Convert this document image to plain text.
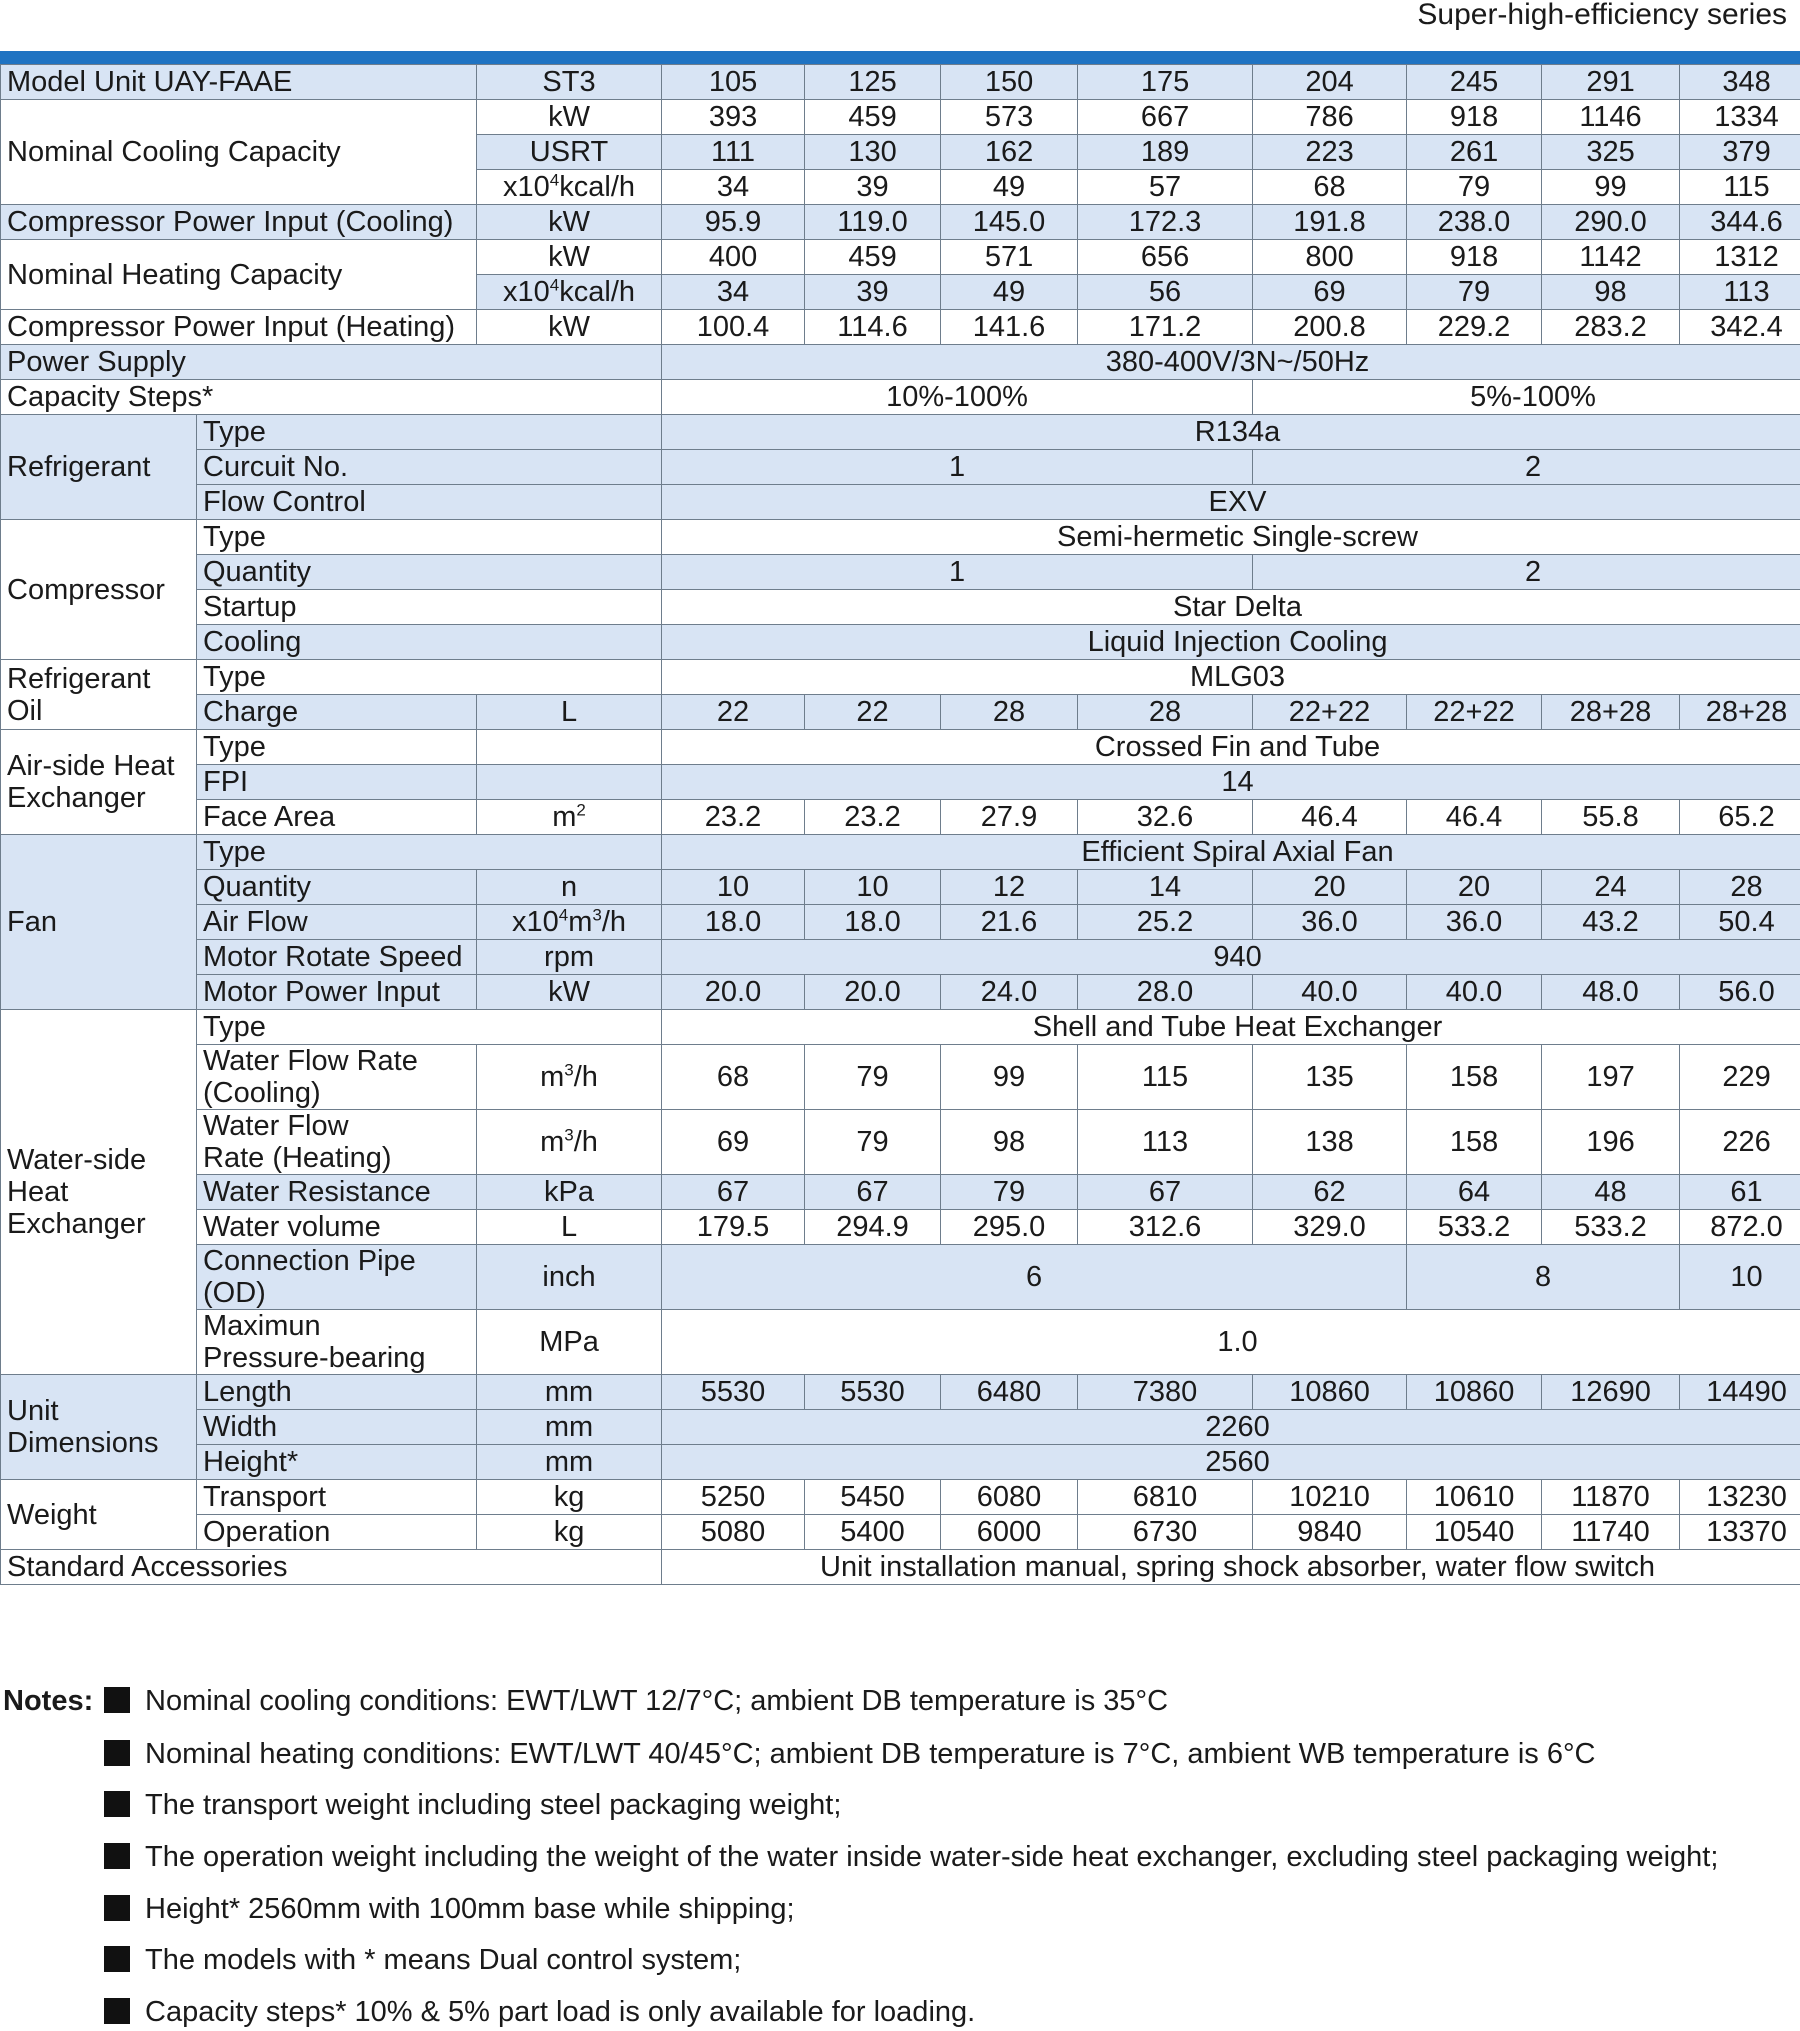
Super-high-efficiency series
Model Unit UAY-FAAE		ST3	105	125	150	175	204	245	291	348
Nominal Cooling Capacity		kW	393	459	573	667	786	918	1146	1334
		USRT	111	130	162	189	223	261	325	379
		$x10^4kcal/h$	34	39	49	57	68	79	99	115
Compressor Power Input (Cooling)		kW	95.9	119.0	145.0	172.3	191.8	238.0	290.0	344.6
Nominal Heating Capacity		kW	400	459	571	656	800	918	1142	1312
		$x10^4kcal/h$	34	39	49	56	69	79	98	113
Compressor Power Input (Heating)		kW	100.4	114.6	141.6	171.2	200.8	229.2	283.2	342.4
Power Supply			380-400V/3N~/50Hz							
Capacity Steps*			10%-100%				5%-100%			
Refrigerant	Type		R134a							
	Curcuit No.		1				2			
	Flow Control		EXV							
Compressor	Type		Semi-hermetic Single-screw							
	Quantity		1				2			
	Startup		Star Delta							
	Cooling		Liquid Injection Cooling							
Refrigerant
Oil	Type		MLG03							
	Charge	L	22	22	28	28	22+22	22+22	28+28	28+28
Air-side Heat
Exchanger	Type		Crossed Fin and Tube							
	FPI		14							
	Face Area	$m^2$	23.2	23.2	27.9	32.6	46.4	46.4	55.8	65.2
Fan	Type		Efficient Spiral Axial Fan							
	Quantity	n	10	10	12	14	20	20	24	28
	Air Flow	$x10^4m^3/h$	18.0	18.0	21.6	25.2	36.0	36.0	43.2	50.4
	Motor Rotate Speed	rpm	940							
	Motor Power Input	kW	20.0	20.0	24.0	28.0	40.0	40.0	48.0	56.0
Water-side
Heat
Exchanger	Type		Shell and Tube Heat Exchanger							
	Water Flow Rate
(Cooling)	$m^3/h$	68	79	99	115	135	158	197	229
	Water Flow
Rate (Heating)	$m^3/h$	69	79	98	113	138	158	196	226
	Water Resistance	kPa	67	67	79	67	62	64	48	61
	Water volume	L	179.5	294.9	295.0	312.6	329.0	533.2	533.2	872.0
	Connection Pipe
(OD)	inch	6					8		10
	Maximun
Pressure-bearing	MPa	1.0							
Unit
Dimensions	Length	mm	5530	5530	6480	7380	10860	10860	12690	14490
	Width	mm	2260							
	Height*	mm	2560							
Weight	Transport	kg	5250	5450	6080	6810	10210	10610	11870	13230
	Operation	kg	5080	5400	6000	6730	9840	10540	11740	13370
Standard Accessories			Unit installation manual, spring shock absorber, water flow switch							
Notes: Nominal cooling conditions: EWT/LWT 12/7°C; ambient DB temperature is 35°C
Nominal heating conditions: EWT/LWT 40/45°C; ambient DB temperature is 7°C, ambient WB temperature is 6°C
The transport weight including steel packaging weight;
The operation weight including the weight of the water inside water-side heat exchanger, excluding steel packaging weight;
Height* 2560mm with 100mm base while shipping;
The models with * means Dual control system;
Capacity steps* 10% & 5% part load is only available for loading.
